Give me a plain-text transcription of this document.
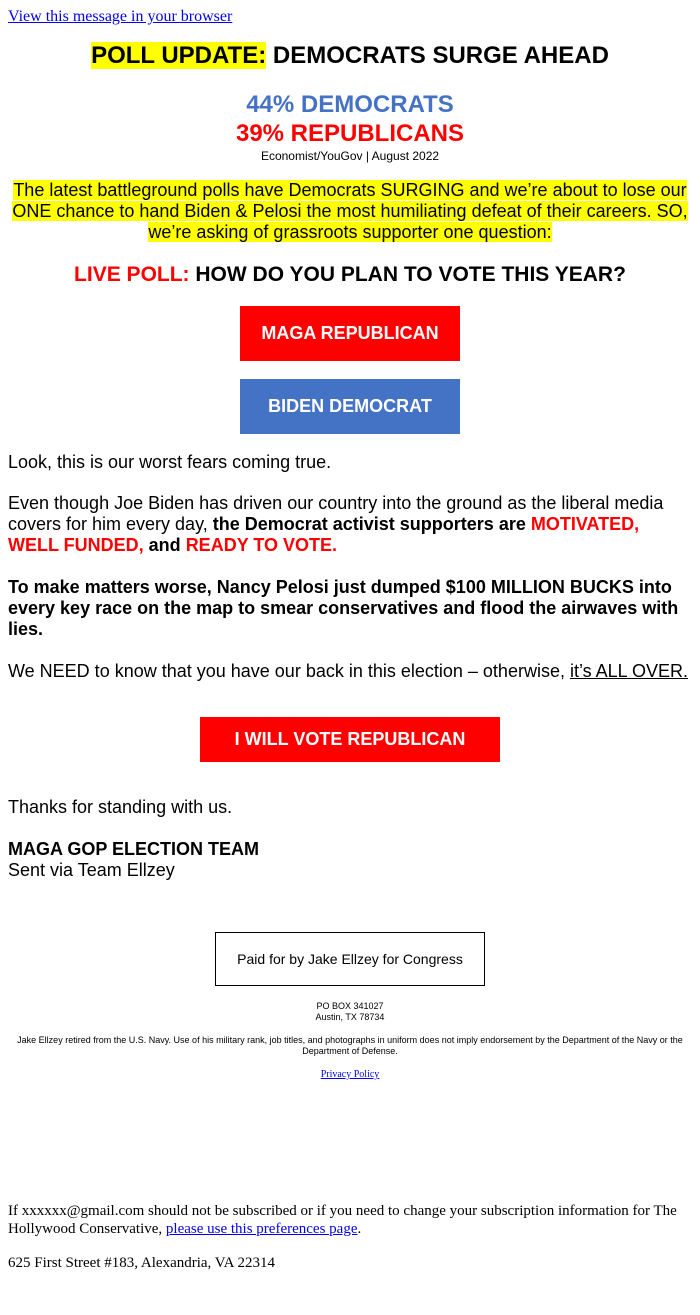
View this message in your browser
POLL UPDATE: DEMOCRATS SURGE AHEAD
44% DEMOCRATS
39% REPUBLICANS
Economist/YouGov | August 2022
The latest battleground polls have Democrats SURGING and we’re about to lose our ONE chance to hand Biden & Pelosi the most humiliating defeat of their careers. SO, we’re asking of grassroots supporter one question:
LIVE POLL: HOW DO YOU PLAN TO VOTE THIS YEAR?
MAGA REPUBLICAN
BIDEN DEMOCRAT
Look, this is our worst fears coming true.
Even though Joe Biden has driven our country into the ground as the liberal media covers for him every day, the Democrat activist supporters are MOTIVATED, WELL FUNDED, and READY TO VOTE.
To make matters worse, Nancy Pelosi just dumped $100 MILLION BUCKS into every key race on the map to smear conservatives and flood the airwaves with lies.
We NEED to know that you have our back in this election – otherwise, it’s ALL OVER.
I WILL VOTE REPUBLICAN
Thanks for standing with us.
MAGA GOP ELECTION TEAM
Sent via Team Ellzey
Paid for by Jake Ellzey for Congress
PO BOX 341027
Austin, TX 78734
Jake Ellzey retired from the U.S. Navy. Use of his military rank, job titles, and photographs in uniform does not imply endorsement by the Department of the Navy or the Department of Defense.
Privacy Policy
If xxxxxx@gmail.com should not be subscribed or if you need to change your subscription information for The Hollywood Conservative, please use this preferences page.
625 First Street #183, Alexandria, VA 22314
